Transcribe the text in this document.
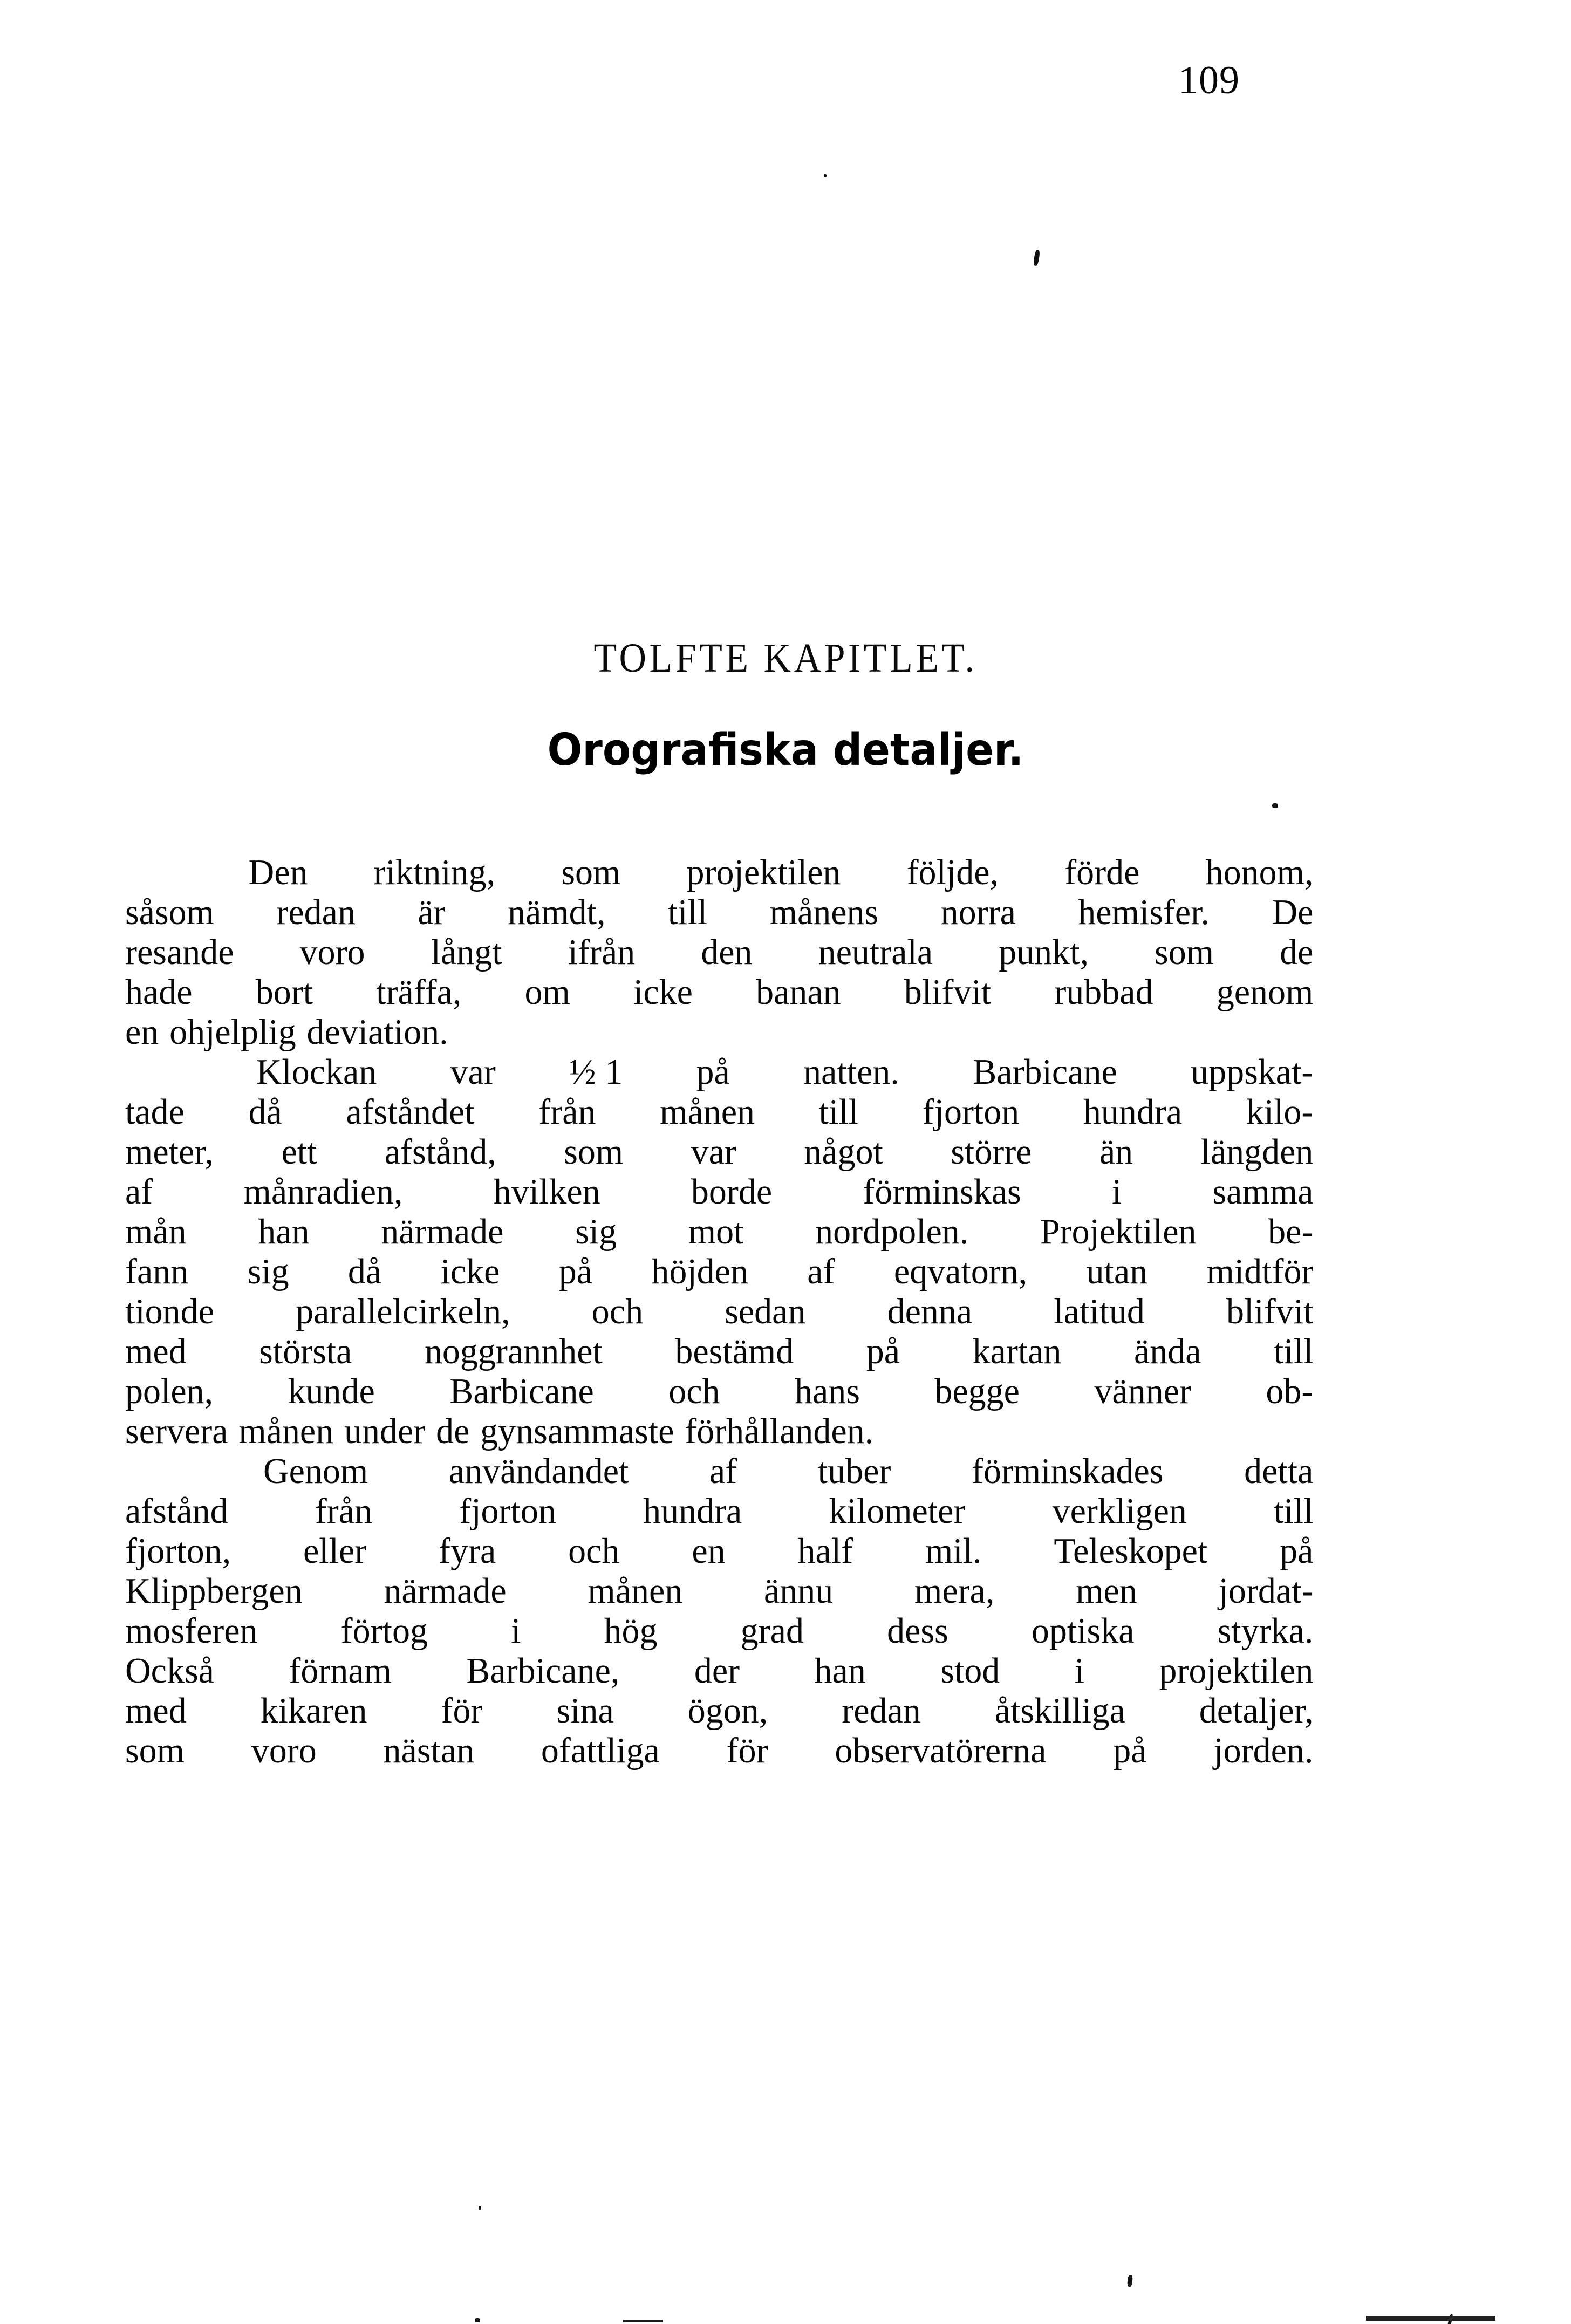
109
TOLFTE KAPITLET.
Orografiska detaljer.
Den riktning, som projektilen följde, förde honom,
såsom redan är nämdt, till månens norra hemisfer. De
resande voro långt ifrån den neutrala punkt, som de
hade bort träffa, om icke banan blifvit rubbad genom
en ohjelplig deviation.
Klockan var ½ 1 på natten. Barbicane uppskat-
tade då afståndet från månen till fjorton hundra kilo-
meter, ett afstånd, som var något större än längden
af	månradien,	hvilken	borde	förminskas	i	samma
mån han närmade sig mot nordpolen. Projektilen be-
fann sig då icke på höjden af eqvatorn, utan midtför
tionde parallelcirkeln, och sedan denna latitud blifvit
med största noggrannhet bestämd på kartan ända till
polen, kunde Barbicane och hans begge vänner ob-
servera månen under de gynsammaste förhållanden.
Genom användandet af tuber förminskades detta
afstånd från fjorton hundra kilometer verkligen till
fjorton, eller fyra och en half mil. Teleskopet på
Klippbergen närmade månen ännu mera, men jordat-
mosferen förtog i hög grad dess optiska styrka.
Också förnam Barbicane, der han stod i projektilen
med kikaren för sina ögon, redan åtskilliga detaljer,
som voro nästan ofattliga för observatörerna på jorden.
